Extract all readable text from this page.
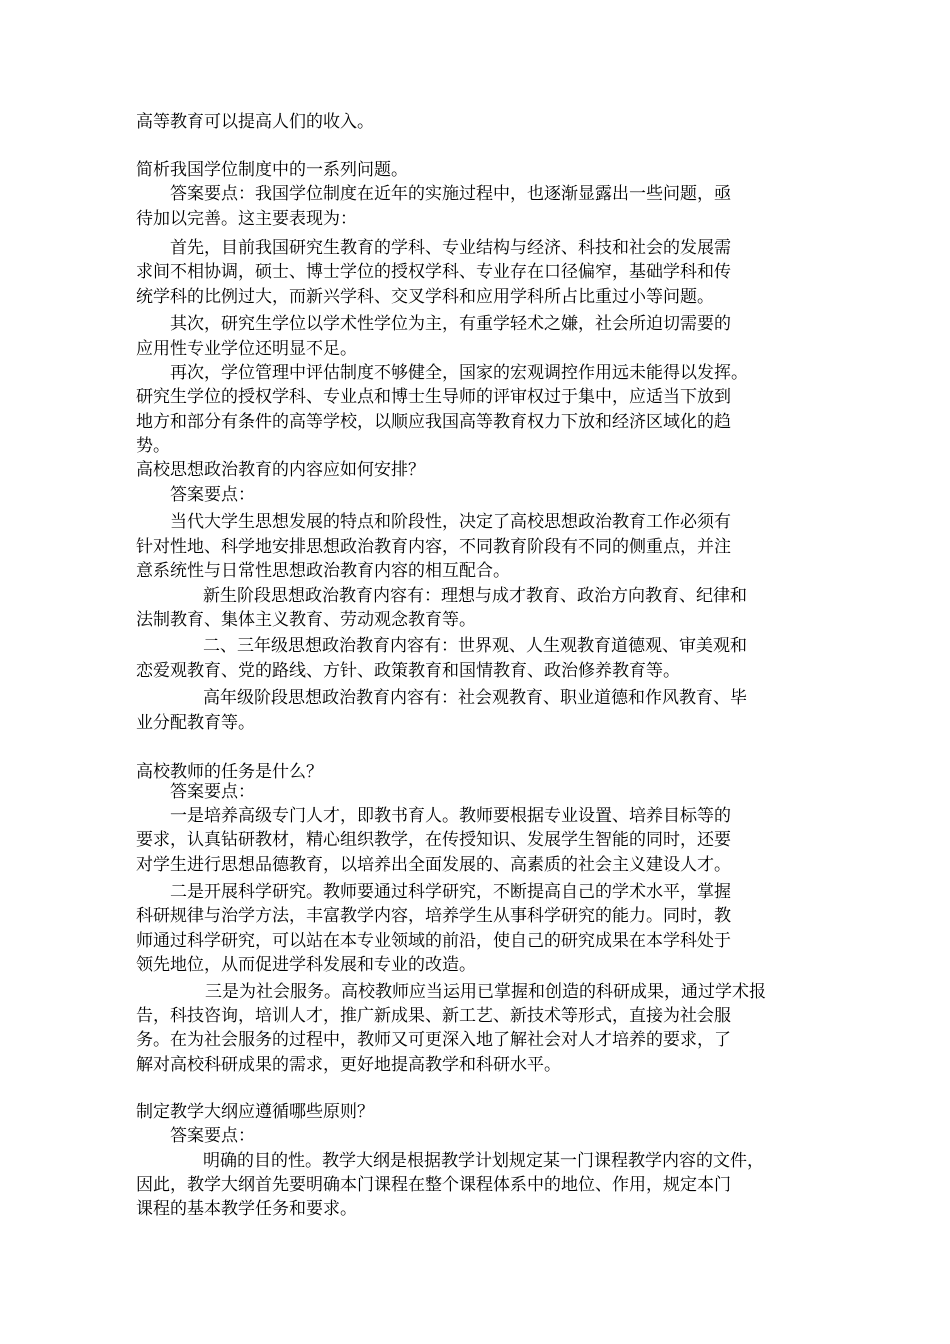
高等教育可以提高人们的收入。
简析我国学位制度中的一系列问题。
答案要点：我国学位制度在近年的实施过程中，也逐渐显露出一些问题，亟
待加以完善。这主要表现为：
首先，目前我国研究生教育的学科、专业结构与经济、科技和社会的发展需
求间不相协调，硕士、博士学位的授权学科、专业存在口径偏窄，基础学科和传
统学科的比例过大，而新兴学科、交叉学科和应用学科所占比重过小等问题。
其次，研究生学位以学术性学位为主，有重学轻术之嫌，社会所迫切需要的
应用性专业学位还明显不足。
再次，学位管理中评估制度不够健全，国家的宏观调控作用远未能得以发挥。
研究生学位的授权学科、专业点和博士生导师的评审权过于集中，应适当下放到
地方和部分有条件的高等学校，以顺应我国高等教育权力下放和经济区域化的趋
势。
高校思想政治教育的内容应如何安排？
答案要点：
当代大学生思想发展的特点和阶段性，决定了高校思想政治教育工作必须有
针对性地、科学地安排思想政治教育内容，不同教育阶段有不同的侧重点，并注
意系统性与日常性思想政治教育内容的相互配合。
新生阶段思想政治教育内容有：理想与成才教育、政治方向教育、纪律和
法制教育、集体主义教育、劳动观念教育等。
二、三年级思想政治教育内容有：世界观、人生观教育道德观、审美观和
恋爱观教育、党的路线、方针、政策教育和国情教育、政治修养教育等。
高年级阶段思想政治教育内容有：社会观教育、职业道德和作风教育、毕
业分配教育等。
高校教师的任务是什么？
答案要点：
一是培养高级专门人才，即教书育人。教师要根据专业设置、培养目标等的
要求，认真钻研教材，精心组织教学，在传授知识、发展学生智能的同时，还要
对学生进行思想品德教育，以培养出全面发展的、高素质的社会主义建设人才。
二是开展科学研究。教师要通过科学研究，不断提高自己的学术水平，掌握
科研规律与治学方法，丰富教学内容，培养学生从事科学研究的能力。同时，教
师通过科学研究，可以站在本专业领域的前沿，使自己的研究成果在本学科处于
领先地位，从而促进学科发展和专业的改造。
三是为社会服务。高校教师应当运用已掌握和创造的科研成果，通过学术报
告，科技咨询，培训人才，推广新成果、新工艺、新技术等形式，直接为社会服
务。在为社会服务的过程中，教师又可更深入地了解社会对人才培养的要求，了
解对高校科研成果的需求，更好地提高教学和科研水平。
制定教学大纲应遵循哪些原则？
答案要点：
明确的目的性。教学大纲是根据教学计划规定某一门课程教学内容的文件，
因此，教学大纲首先要明确本门课程在整个课程体系中的地位、作用，规定本门
课程的基本教学任务和要求。
